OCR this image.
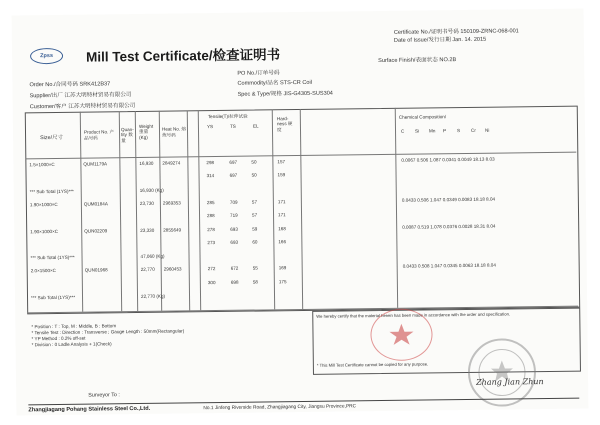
Zpss	Mill Test Certificate/检查证明书
Certificate No./证明书号码 150109-ZRNC-068-001
Date of Issue/发行日期 Jan. 14. 2015
Surface Finish/表面状态 NO.2B
Order No./合同号码 SRK412B37
Supplier/出厂 江苏大明特材贸易有限公司
Customer/客户 江苏大明特材贸易有限公司
PO No./订单号码
Commodity/品名 STS-CR Coil
Spec & Type/规格 JIS-G4305-SUS304
Size/尺寸
Product No. 产品号码
Quan-tity 数量
Weight 重量 (Kg)
Heat No. 熔炼号码
Tensile(T)/拉伸试验
YS	TS	EL
Hard-ness 硬度
Chemical Composition/
C Si Mn P S Cr Ni
1.5×1000×C	QUM1179A	16,930 2849274	298	697	50	157	0.0067 0.506 1.087 0.0341 0.0049 18.13 8.03
314	697	50	159
*** Sub Total (1YS)***	16,930 (Kg)
1.90×1000×C	QUM0184A	23,730 2969353	285	709	57	171	0.0433 0.506 1.047 0.0349 0.0083 18.18 8.04
288	719	57	171
1.90×1000×C	QUN02209	23,330 2855649	278	693	59	168	0.0087 0.519 1.078 0.0376 0.0028 18.31 8.04
273	693	60	166
*** Sub Total (1YS)***	47,060 (Kg)
2.0×1500×C	QUN01968	22,770 2960453	272	672	55	169	0.0433 0.508 1.047 0.0345 0.0063 18.18 8.04
300	698	58	175
*** Sub Total (1YS)***	22,770 (Kg)
* Position : T : Top, M : Middle, B : Bottom
* Tensile Test : Direction : Transverse ; Gauge Length : 50mm(Rectangular)
* YP Method : 0.2% off-set
* Division : 0 Ladle Analysis + 1(Check)
We hereby certify that the material herein has been made in accordance with the order and specification.
* This Mill Test Certificate cannot be copied for any purpose.
Zhang Jian Zhun
Surveyor To :
Zhangjiagang Pohang Stainless Steel Co.,Ltd.	No.1 Jinfeng Riverside Road, Zhangjiagang City, Jiangsu Province,PRC
